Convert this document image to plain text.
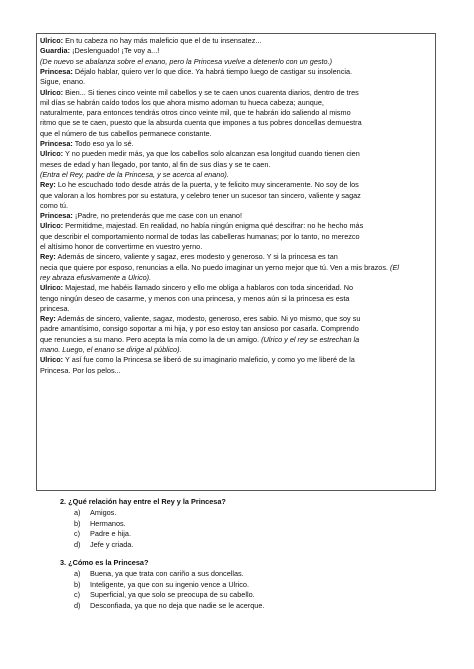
Ulrico: En tu cabeza no hay más maleficio que el de tu insensatez...
Guardia: ¡Deslenguado! ¡Te voy a...!
(De nuevo se abalanza sobre el enano, pero la Princesa vuelve a detenerlo con un gesto.)
Princesa: Déjalo hablar, quiero ver lo que dice. Ya habrá tiempo luego de castigar su insolencia.
Sigue, enano.
Ulrico: Bien... Si tienes cinco veinte mil cabellos y se te caen unos cuarenta diarios, dentro de tres
mil días se habrán caído todos los que ahora mismo adornan tu hueca cabeza; aunque,
naturalmente, para entonces tendrás otros cinco veinte mil, que te habrán ido saliendo al mismo
ritmo que se te caen, puesto que la absurda cuenta que impones a tus pobres doncellas demuestra
que el número de tus cabellos permanece constante.
Princesa: Todo eso ya lo sé.
Ulrico: Y no pueden medir más, ya que los cabellos solo alcanzan esa longitud cuando tienen cien
meses de edad y han llegado, por tanto, al fin de sus días y se te caen.
(Entra el Rey, padre de la Princesa, y se acerca al enano).
Rey: Lo he escuchado todo desde atrás de la puerta, y te felicito muy sinceramente. No soy de los
que valoran a los hombres por su estatura, y celebro tener un sucesor tan sincero, valiente y sagaz
como tú.
Princesa: ¡Padre, no pretenderás que me case con un enano!
Ulrico: Permitidme, majestad. En realidad, no había ningún enigma qué descifrar: no he hecho más
que describir el comportamiento normal de todas las cabelleras humanas; por lo tanto, no merezco
el altísimo honor de convertirme en vuestro yerno.
Rey: Además de sincero, valiente y sagaz, eres modesto y generoso. Y si la princesa es tan
necia que quiere por esposo, renuncias a ella. No puedo imaginar un yerno mejor que tú. Ven a mis brazos. (El
rey abraza efusivamente a Ulrico).
Ulrico: Majestad, me habéis llamado sincero y ello me obliga a hablaros con toda sinceridad. No
tengo ningún deseo de casarme, y menos con una princesa, y menos aún si la princesa es esta
princesa.
Rey: Además de sincero, valiente, sagaz, modesto, generoso, eres sabio. Ni yo mismo, que soy su
padre amantísimo, consigo soportar a mi hija, y por eso estoy tan ansioso por casarla. Comprendo
que renuncies a su mano. Pero acepta la mía como la de un amigo. (Ulrico y el rey se estrechan la
mano. Luego, el enano se dirige al público).
Ulrico: Y así fue como la Princesa se liberó de su imaginario maleficio, y como yo me liberé de la
Princesa. Por los pelos...
2. ¿Qué relación hay entre el Rey y la Princesa?
a) Amigos.
b) Hermanos.
c) Padre e hija.
d) Jefe y criada.
3. ¿Cómo es la Princesa?
a) Buena, ya que trata con cariño a sus doncellas.
b) Inteligente, ya que con su ingenio vence a Ulrico.
c) Superficial, ya que solo se preocupa de su cabello.
d) Desconfiada, ya que no deja que nadie se le acerque.
